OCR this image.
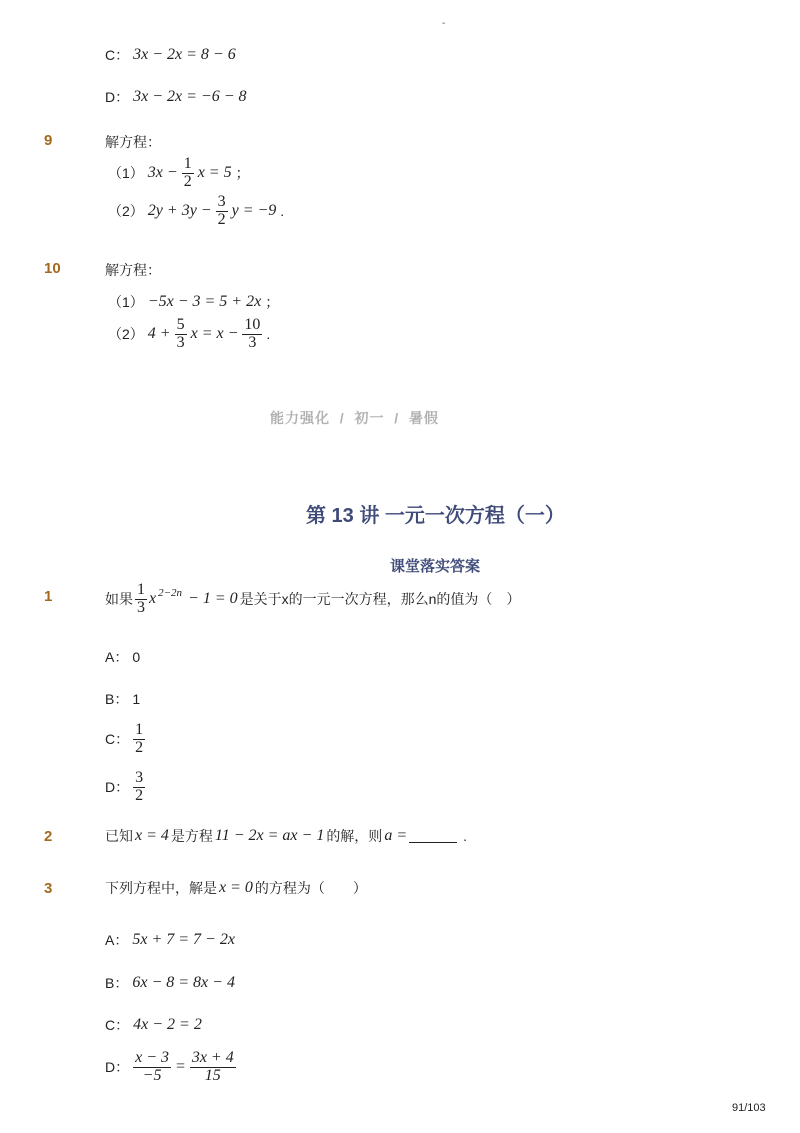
-
C： 3x − 2x = 8 − 6
D： 3x − 2x = −6 − 8
9	解方程：
（1） $3x - \frac{1}{2}$ x = 5 ；
（2） $2y + 3y - \frac{3}{2}$ y = −9 .
10	解方程：
（1） −5x − 3 = 5 + 2x ；
（2） $4 + \frac{5}{3}$ $x = x - \frac{10}{3}$ .
能力强化  /  初一  /  暑假
第 13 讲 一元一次方程（一）
课堂落实答案
1	如果 $\frac{1}{3} x^{2-2n} - 1 = 0$ 是关于x的一元一次方程，那么n的值为（　）
A： 0
B： 1
C： $\frac{1}{2}$
D： $\frac{3}{2}$
2	已知 x = 4 是方程 11 − 2x = ax − 1 的解，则 a =	.
3	下列方程中，解是 x = 0 的方程为（　　）
A： 5x + 7 = 7 − 2x
B： 6x − 8 = 8x − 4
C： 4x − 2 = 2
D： $\frac{x - 3}{-5} = \frac{3x + 4}{15}$
91/103
